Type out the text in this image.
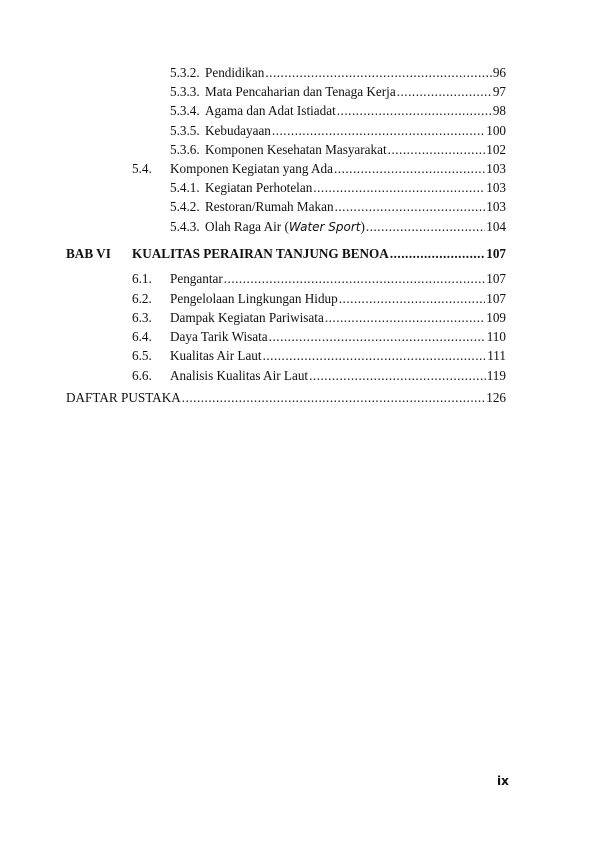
5.3.2. Pendidikan .....	96
5.3.3. Mata Pencaharian dan Tenaga Kerja .....	97
5.3.4. Agama dan Adat Istiadat .....	98
5.3.5. Kebudayaan .....	100
5.3.6. Komponen Kesehatan Masyarakat .....	102
5.4.	Komponen Kegiatan yang Ada .....	103
5.4.1. Kegiatan Perhotelan .....	103
5.4.2. Restoran/Rumah Makan .....	103
5.4.3. Olah Raga Air (Water Sport) .....	104
BAB VI	KUALITAS PERAIRAN TANJUNG BENOA .....	107
6.1.	Pengantar .....	107
6.2.	Pengelolaan Lingkungan Hidup .....	107
6.3.	Dampak Kegiatan Pariwisata .....	109
6.4.	Daya Tarik Wisata .....	110
6.5.	Kualitas Air Laut .....	111
6.6.	Analisis Kualitas Air Laut .....	119
DAFTAR PUSTAKA .....	126
ix
